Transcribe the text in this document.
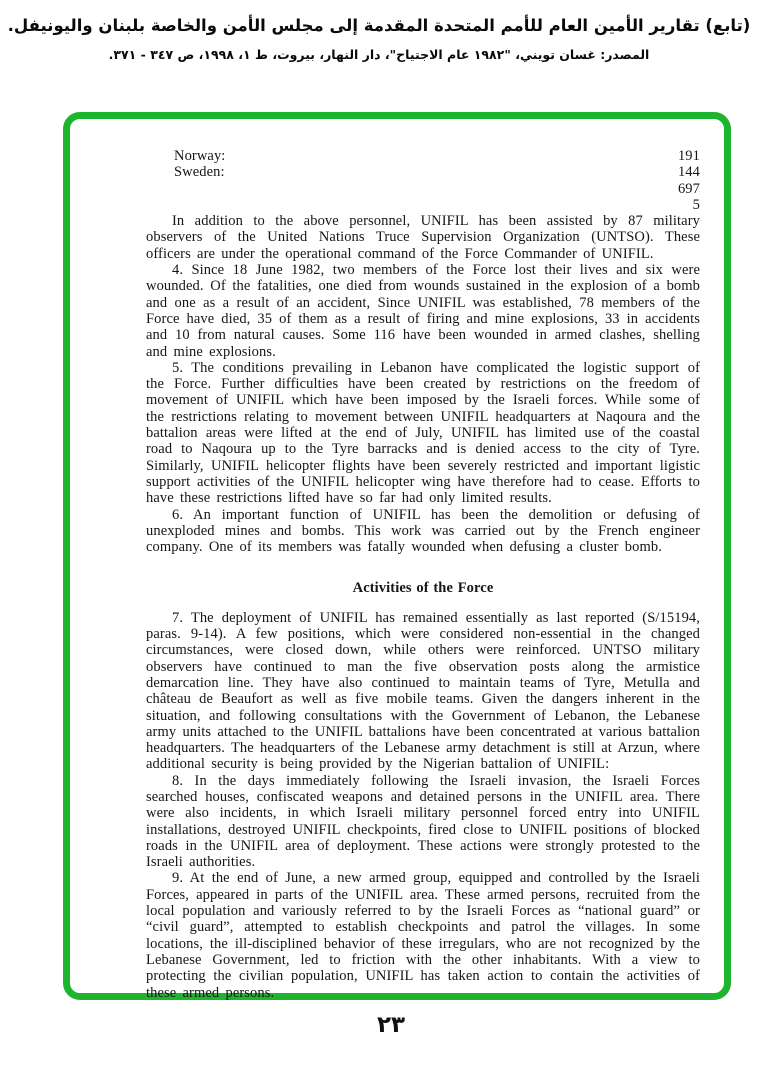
(تابع) تقارير الأمين العام للأمم المتحدة المقدمة إلى مجلس الأمن والخاصة بلبنان واليونيفل.
المصدر: غسان تويني، "١٩٨٢ عام الاجتياح"، دار النهار، بيروت، ط ١، ١٩٩٨، ص ٣٤٧ - ٣٧١.
Norway:	191
Sweden:	144
697
5

In addition to the above personnel, UNIFIL has been assisted by 87 military observers of the United Nations Truce Supervision Organization (UNTSO). These officers are under the operational command of the Force Commander of UNIFIL.

4. Since 18 June 1982, two members of the Force lost their lives and six were wounded. Of the fatalities, one died from wounds sustained in the explosion of a bomb and one as a result of an accident, Since UNIFIL was established, 78 members of the Force have died, 35 of them as a result of firing and mine explosions, 33 in accidents and 10 from natural causes. Some 116 have been wounded in armed clashes, shelling and mine explosions.

5. The conditions prevailing in Lebanon have complicated the logistic support of the Force. Further difficulties have been created by restrictions on the freedom of movement of UNIFIL which have been imposed by the Israeli forces. While some of the restrictions relating to movement between UNIFIL headquarters at Naqoura and the battalion areas were lifted at the end of July, UNIFIL has limited use of the coastal road to Naqoura up to the Tyre barracks and is denied access to the city of Tyre. Similarly, UNIFIL helicopter flights have been severely restricted and important ligistic support activities of the UNIFIL helicopter wing have therefore had to cease. Efforts to have these restrictions lifted have so far had only limited results.

6. An important function of UNIFIL has been the demolition or defusing of unexploded mines and bombs. This work was carried out by the French engineer company. One of its members was fatally wounded when defusing a cluster bomb.

Activities of the Force

7. The deployment of UNIFIL has remained essentially as last reported (S/15194, paras. 9-14). A few positions, which were considered non-essential in the changed circumstances, were closed down, while others were reinforced. UNTSO military observers have continued to man the five observation posts along the armistice demarcation line. They have also continued to maintain teams of Tyre, Metulla and château de Beaufort as well as five mobile teams. Given the dangers inherent in the situation, and following consultations with the Government of Lebanon, the Lebanese army units attached to the UNIFIL battalions have been concentrated at various battalion headquarters. The headquarters of the Lebanese army detachment is still at Arzun, where additional security is being provided by the Nigerian battalion of UNIFIL:

8. In the days immediately following the Israeli invasion, the Israeli Forces searched houses, confiscated weapons and detained persons in the UNIFIL area. There were also incidents, in which Israeli military personnel forced entry into UNIFIL installations, destroyed UNIFIL checkpoints, fired close to UNIFIL positions of blocked roads in the UNIFIL area of deployment. These actions were strongly protested to the Israeli authorities.

9. At the end of June, a new armed group, equipped and controlled by the Israeli Forces, appeared in parts of the UNIFIL area. These armed persons, recruited from the local population and variously referred to by the Israeli Forces as “national guard” or “civil guard”, attempted to establish checkpoints and patrol the villages. In some locations, the ill-disciplined behavior of these irregulars, who are not recognized by the Lebanese Government, led to friction with the other inhabitants. With a view to protecting the civilian population, UNIFIL has taken action to contain the activities of these armed persons.

٢٣
